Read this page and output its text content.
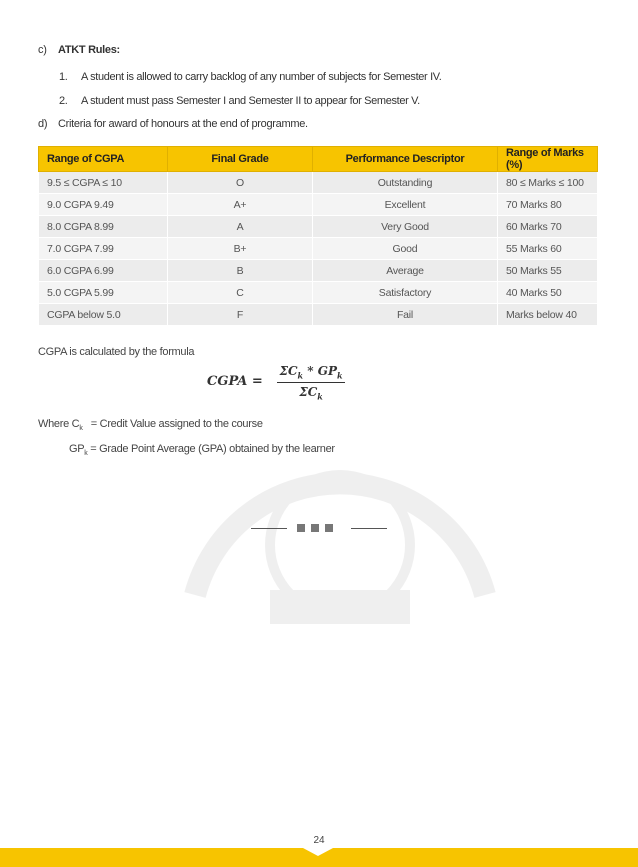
c) ATKT Rules:
1. A student is allowed to carry backlog of any number of subjects for Semester IV.
2. A student must pass Semester I and Semester II to appear for Semester V.
d) Criteria for award of honours at the end of programme.
Range of CGPA	Final Grade	Performance Descriptor	Range of Marks (%)
9.5 ≤ CGPA ≤ 10	O	Outstanding	80 ≤ Marks ≤ 100
9.0 CGPA 9.49	A+	Excellent	70 Marks 80
8.0 CGPA 8.99	A	Very Good	60 Marks 70
7.0 CGPA 7.99	B+	Good	55 Marks 60
6.0 CGPA 6.99	B	Average	50 Marks 55
5.0 CGPA 5.99	C	Satisfactory	40 Marks 50
CGPA below 5.0	F	Fail	Marks below 40
CGPA is calculated by the formula
CGPA =
$\Sigma C_k * GP_k$
$\Sigma C_k$
Where $C_k$ = Credit Value assigned to the course
$GP_k$ = Grade Point Average (GPA) obtained by the learner
24
